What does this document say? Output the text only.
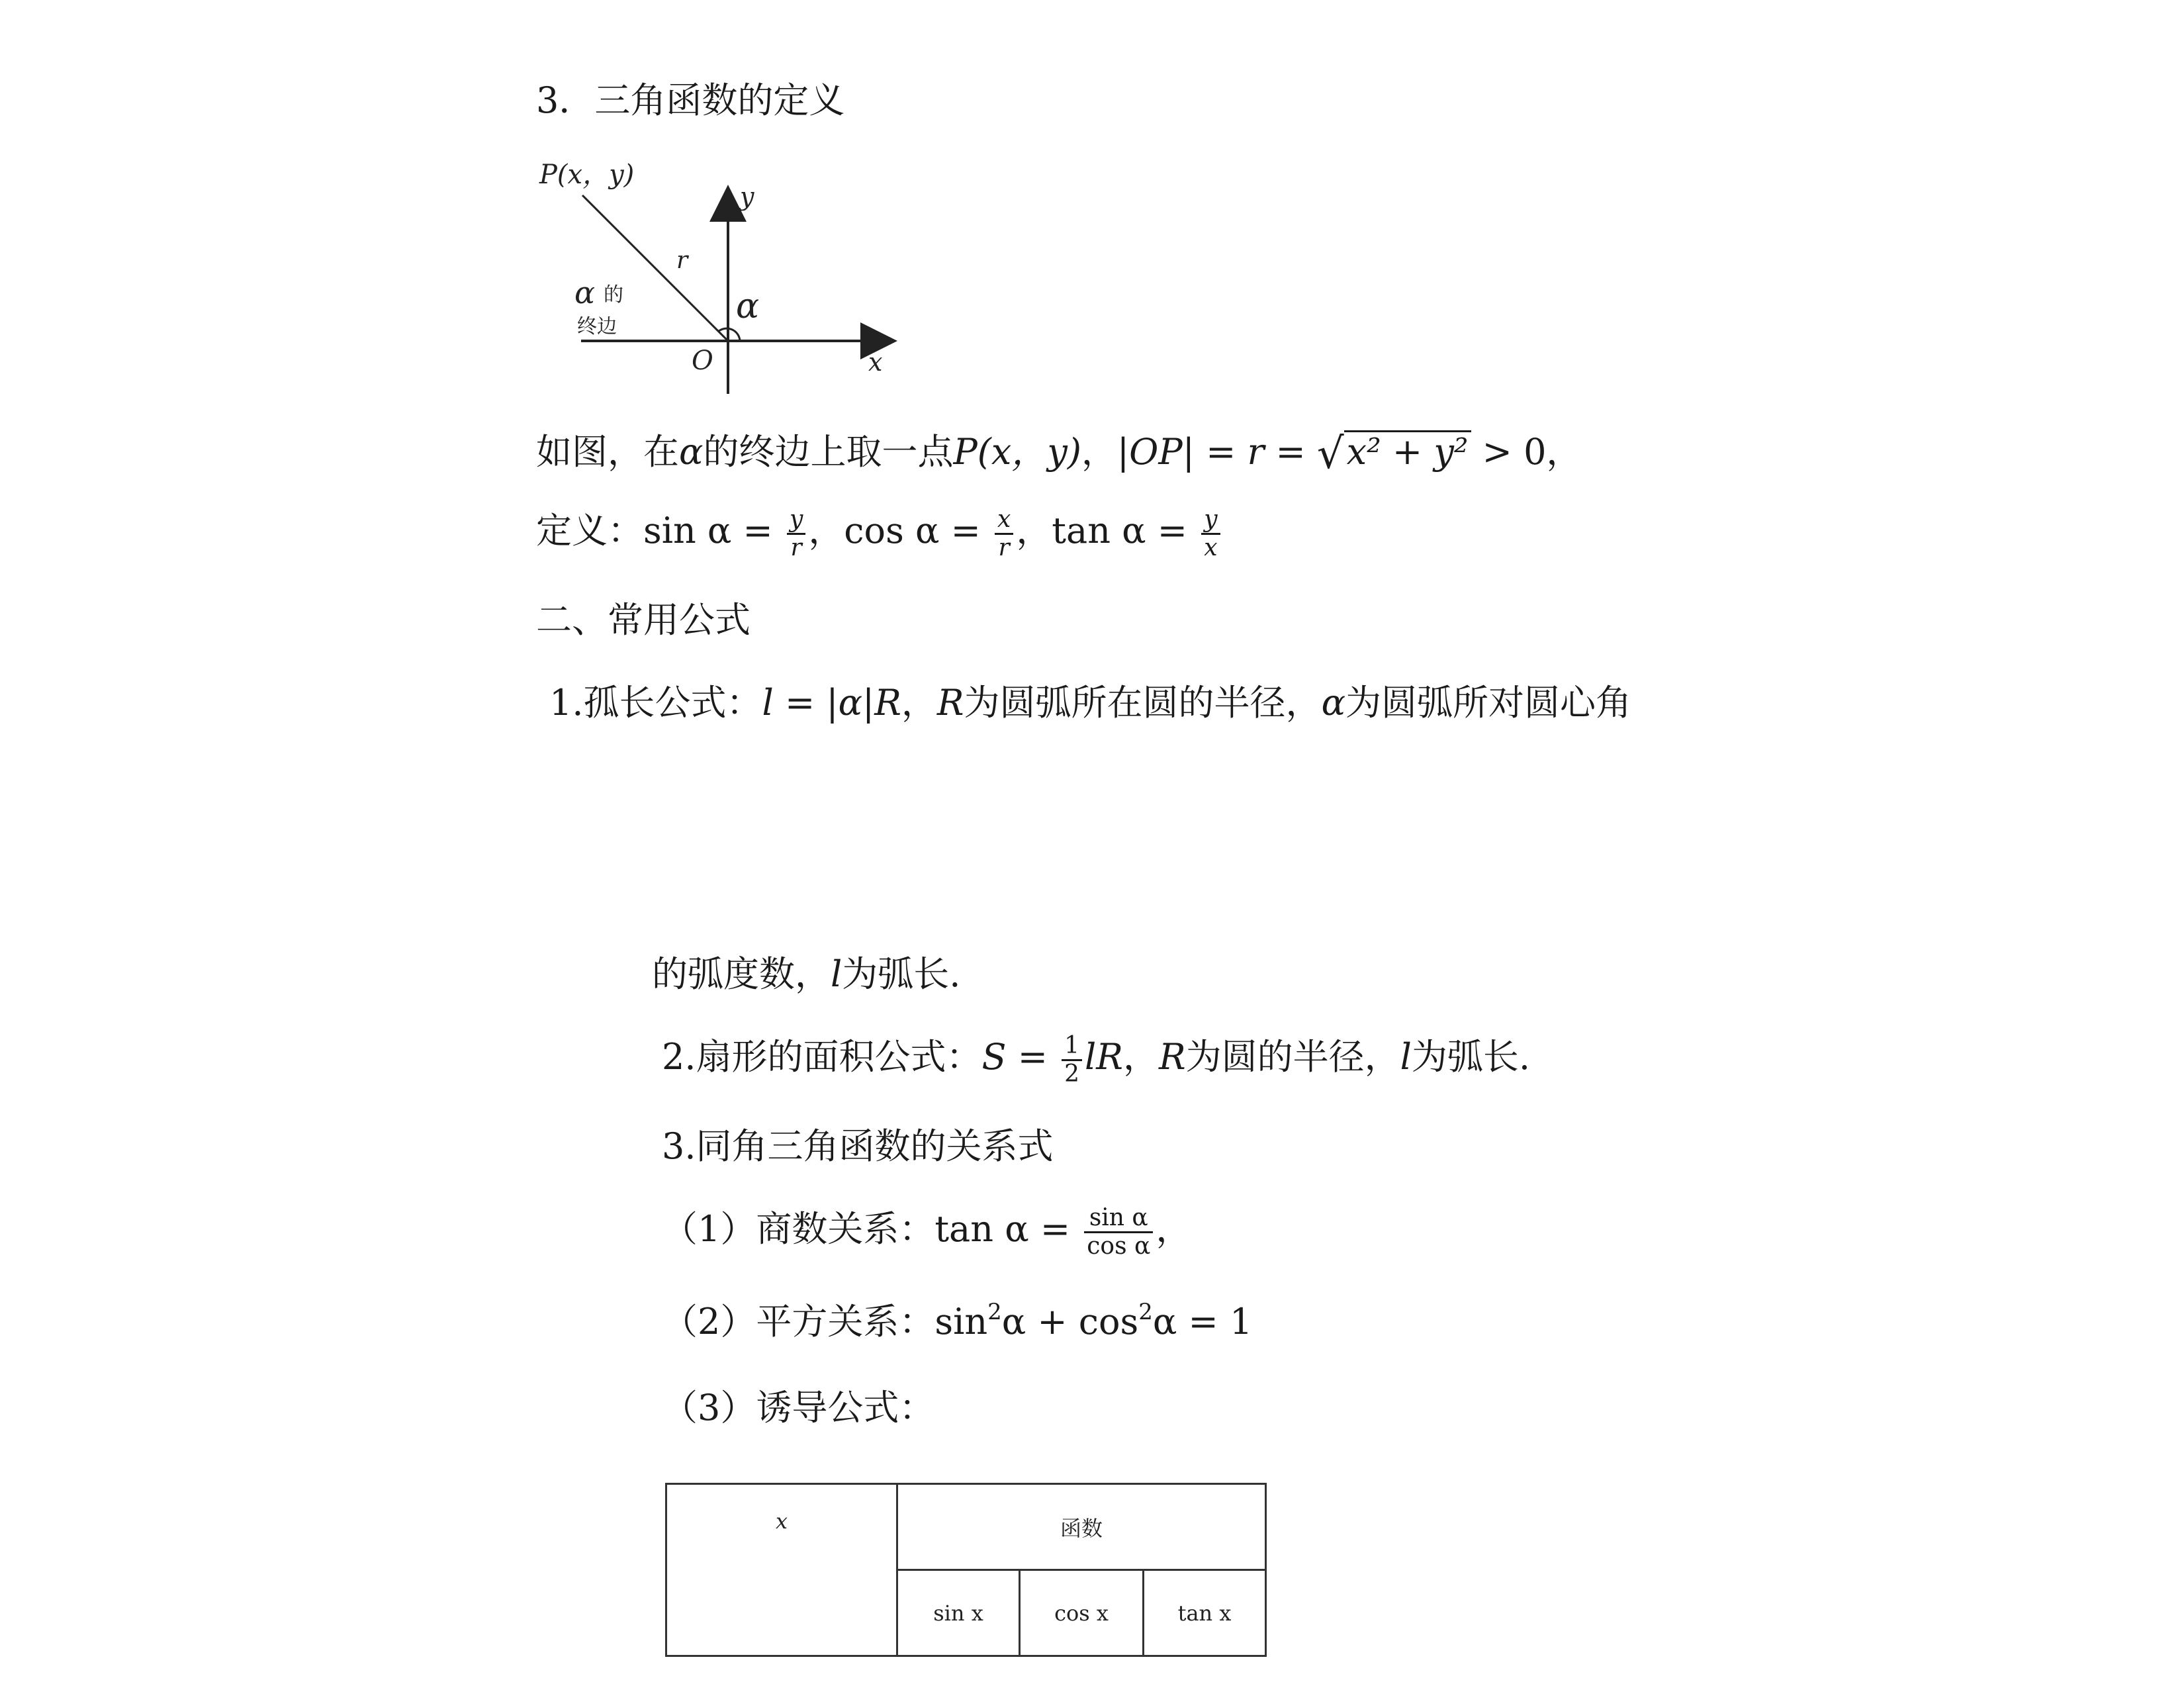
3．三角函数的定义
P(x，y)
y
x
r
α
O
α 的
终边
如图，在α的终边上取一点P(x，y)，|OP| = r = √x² + y² > 0，
定义：$\sin \alpha = \frac{y}{r}$ ，$\cos \alpha = \frac{x}{r}$ ，$\tan \alpha = \frac{y}{x}$
二、常用公式
1.孤长公式：l = |α|R，R为圆弧所在圆的半径，α为圆弧所对圆心角
的弧度数，l为弧长.
2.扇形的面积公式：$S = \frac{1}{2}$ lR，R为圆的半径，l为弧长.
3.同角三角函数的关系式
（1）商数关系：$\tan \alpha = \frac{\text{sin α}}{\text{cos α}}$ ，
（2）平方关系：$\sin^2\alpha + \cos^2\alpha = 1$
（3）诱导公式：
x	函数		
	sin x	cos x	tan x
